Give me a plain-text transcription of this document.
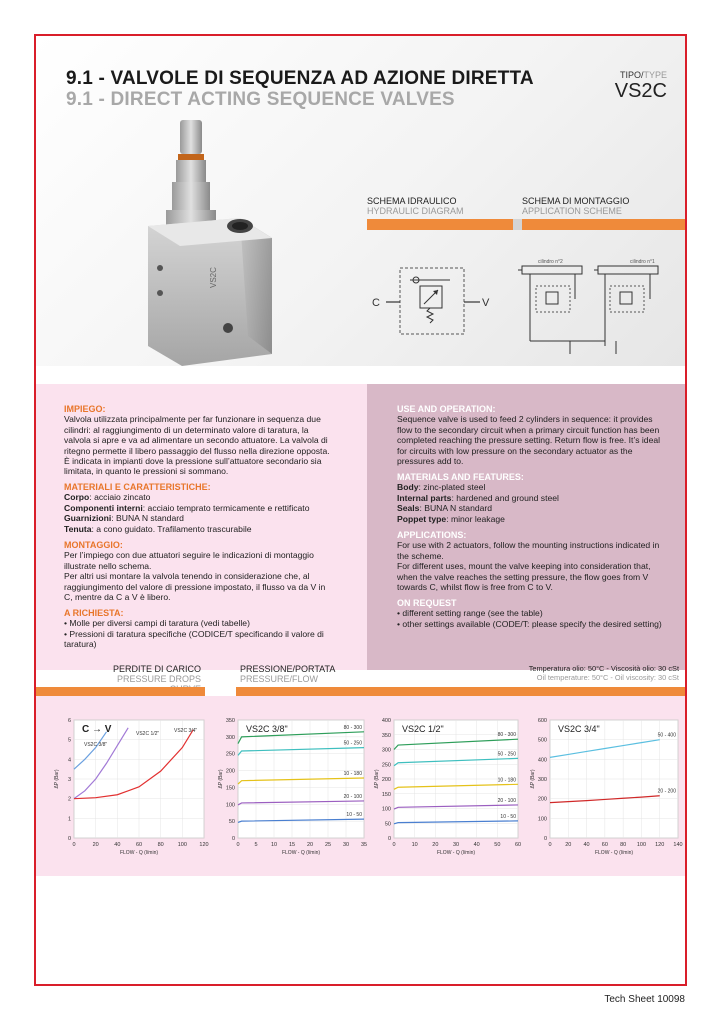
9.1 - VALVOLE DI SEQUENZA AD AZIONE DIRETTA
9.1 - DIRECT ACTING SEQUENCE VALVES
TIPO/TYPE
VS2C
VS2C
SCHEMA IDRAULICO
HYDRAULIC DIAGRAM
SCHEMA DI MONTAGGIO
APPLICATION SCHEME
C	V
cilindro n°2	cilindro n°1
IMPIEGO:

Valvola utilizzata principalmente per far funzionare in sequenza due cilindri: al raggiungimento di un determinato valore di taratura, la valvola si apre e va ad alimentare un secondo attuatore. La valvola di ritegno permette il libero passaggio del flusso nella direzione opposta. È indicata in impianti dove la pressione sull’attuatore secondario sia limitata, in quanto le pressioni si sommano.

MATERIALI E CARATTERISTICHE:

Corpo: acciaio zincato

Componenti interni: acciaio temprato termicamente e rettificato

Guarnizioni: BUNA N standard

Tenuta: a cono guidato. Trafilamento trascurabile

MONTAGGIO:

Per l’impiego con due attuatori seguire le indicazioni di montaggio illustrate nello schema.

Per altri usi montare la valvola tenendo in considerazione che, al raggiungimento del valore di pressione impostato, il flusso va da V in C, mentre da C a V è libero.

A RICHIESTA:

• Molle per diversi campi di taratura (vedi tabelle)

• Pressioni di taratura specifiche (CODICE/T specificando il valore di taratura)

USE AND OPERATION:

Sequence valve is used to feed 2 cylinders in sequence: it provides flow to the secondary circuit when a primary circuit function has been completed reaching the pressure setting. Return flow is free. It’s ideal for circuits with low pressure on the secondary actuator as the pressures add to.

MATERIALS AND FEATURES:

Body: zinc-plated steel

Internal parts: hardened and ground steel

Seals: BUNA N standard

Poppet type: minor leakage

APPLICATIONS:

For use with 2 actuators, follow the mounting instructions indicated in the scheme.

For different uses, mount the valve keeping into consideration that, when the valve reaches the setting pressure, the flow goes from V towards C, whilst flow is free from C to V.

ON REQUEST

• different setting range (see the table)

• other settings available (CODE/T: please specify the desired setting)

PERDITE DI CARICO
PRESSURE DROPS
PRESSIONE/PORTATA
PRESSURE/FLOW
Temperatura olio: 50°C - Viscosità olio: 30 cSt
Oil temperature: 50°C - Oil viscosity: 30 cSt
0
1
2
3
4
5
6
0	20	40	60	80	100 120
FLOW - Q (l/min)
ΔP (Bar)
C → V
VS2C 3/8"
VS2C 1/2"	VS2C 3/4"
0
50
100
150
200
250
300
350
0	5 10 15 20 25 30 35
FLOW - Q (l/min)
ΔP (Bar)
VS2C 3/8"	80 - 300
50 - 250
10 - 180
20 - 100
10 - 50
0
50
100
150
200
250
300
350
400
0	10	20	30	40	50	60
FLOW - Q (l/min)
ΔP (Bar)
VS2C 1/2"
80 - 300
50 - 250
10 - 180
20 - 100
10 - 50
0
100
200
300
400
500
600
0 20 40 60 80 100 120 140
FLOW - Q (l/min)
ΔP (Bar)
VS2C 3/4"
50 - 400
20 - 200
Tech Sheet 10098
